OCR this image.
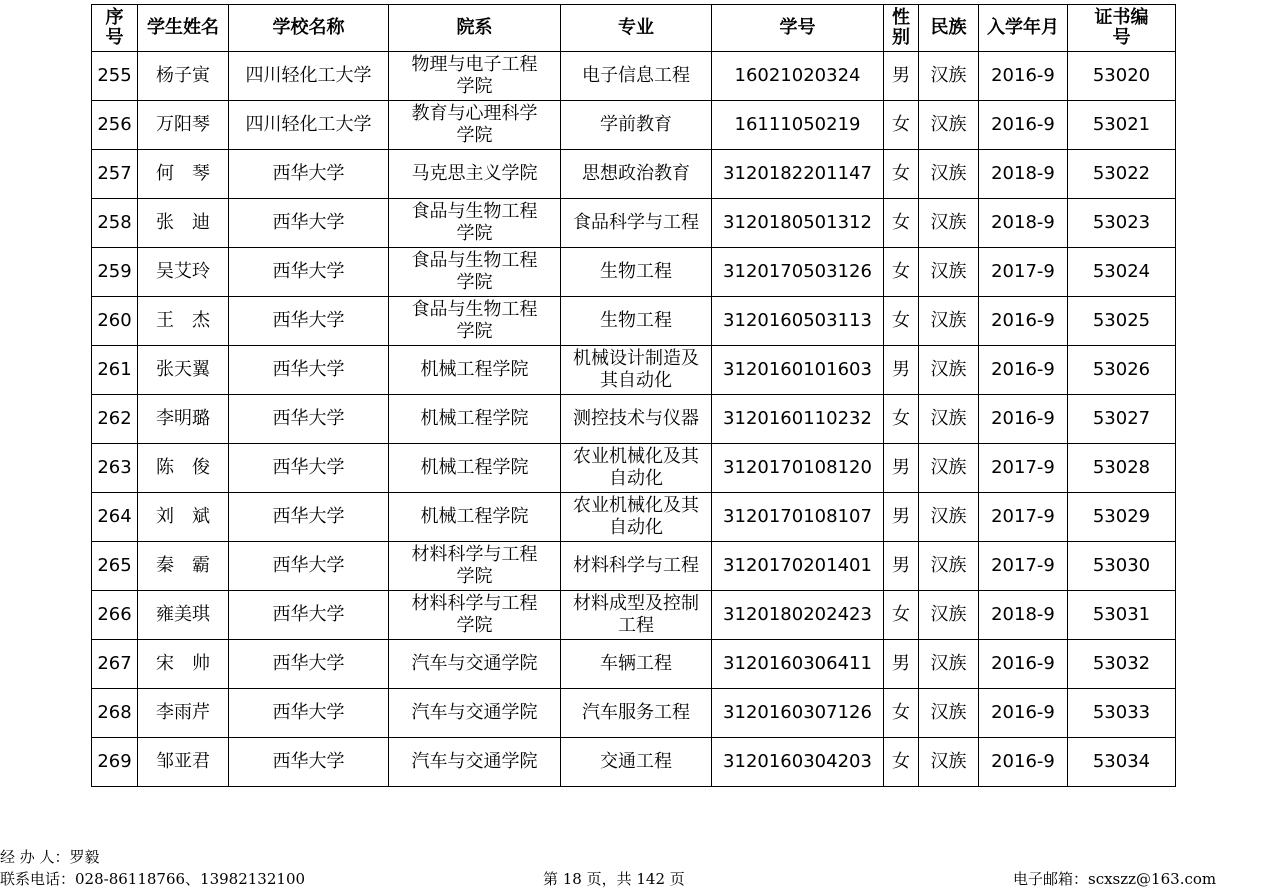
序
号	学生姓名	学校名称	院系	专业	学号	性
别	民族	入学年月	证书编
号
255	杨子寅	四川轻化工大学	物理与电子工程
学院	电子信息工程	16021020324	男	汉族	2016-9	53020
256	万阳琴	四川轻化工大学	教育与心理科学
学院	学前教育	16111050219	女	汉族	2016-9	53021
257	何　琴	西华大学	马克思主义学院	思想政治教育	3120182201147	女	汉族	2018-9	53022
258	张　迪	西华大学	食品与生物工程
学院	食品科学与工程	3120180501312	女	汉族	2018-9	53023
259	吴艾玲	西华大学	食品与生物工程
学院	生物工程	3120170503126	女	汉族	2017-9	53024
260	王　杰	西华大学	食品与生物工程
学院	生物工程	3120160503113	女	汉族	2016-9	53025
261	张天翼	西华大学	机械工程学院	机械设计制造及
其自动化	3120160101603	男	汉族	2016-9	53026
262	李明璐	西华大学	机械工程学院	测控技术与仪器	3120160110232	女	汉族	2016-9	53027
263	陈　俊	西华大学	机械工程学院	农业机械化及其
自动化	3120170108120	男	汉族	2017-9	53028
264	刘　斌	西华大学	机械工程学院	农业机械化及其
自动化	3120170108107	男	汉族	2017-9	53029
265	秦　霸	西华大学	材料科学与工程
学院	材料科学与工程	3120170201401	男	汉族	2017-9	53030
266	雍美琪	西华大学	材料科学与工程
学院	材料成型及控制
工程	3120180202423	女	汉族	2018-9	53031
267	宋　帅	西华大学	汽车与交通学院	车辆工程	3120160306411	男	汉族	2016-9	53032
268	李雨芹	西华大学	汽车与交通学院	汽车服务工程	3120160307126	女	汉族	2016-9	53033
269	邹亚君	西华大学	汽车与交通学院	交通工程	3120160304203	女	汉族	2016-9	53034
经 办 人：罗毅
联系电话：028-86118766、13982132100	第 18 页，共 142 页	电子邮箱：scxszz@163.com
